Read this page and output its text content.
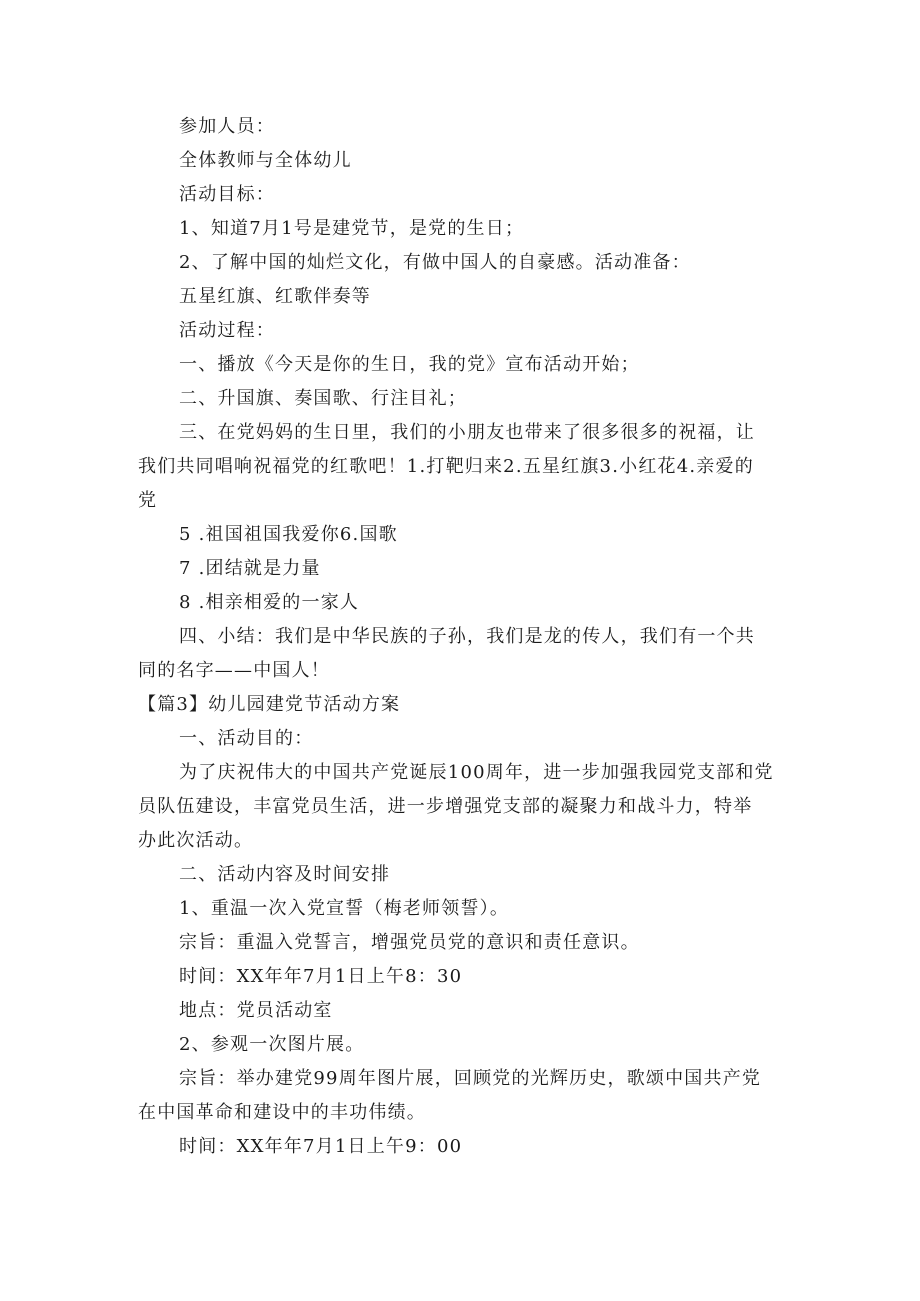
参加人员：
全体教师与全体幼儿
活动目标：
1、知道7月1号是建党节，是党的生日；
2、了解中国的灿烂文化，有做中国人的自豪感。活动准备：
五星红旗、红歌伴奏等
活动过程：
一、播放《今天是你的生日，我的党》宣布活动开始；
二、升国旗、奏国歌、行注目礼；
三、在党妈妈的生日里，我们的小朋友也带来了很多很多的祝福，让
我们共同唱响祝福党的红歌吧！1.打靶归来2.五星红旗3.小红花4.亲爱的
党
5 .祖国祖国我爱你6.国歌
7 .团结就是力量
8 .相亲相爱的一家人
四、小结：我们是中华民族的子孙，我们是龙的传人，我们有一个共
同的名字——中国人！
【篇3】幼儿园建党节活动方案
一、活动目的：
为了庆祝伟大的中国共产党诞辰100周年，进一步加强我园党支部和党
员队伍建设，丰富党员生活，进一步增强党支部的凝聚力和战斗力，特举
办此次活动。
二、活动内容及时间安排
1、重温一次入党宣誓（梅老师领誓）。
宗旨：重温入党誓言，增强党员党的意识和责任意识。
时间：XX年年7月1日上午8：30
地点：党员活动室
2、参观一次图片展。
宗旨：举办建党99周年图片展，回顾党的光辉历史，歌颂中国共产党
在中国革命和建设中的丰功伟绩。
时间：XX年年7月1日上午9：00
